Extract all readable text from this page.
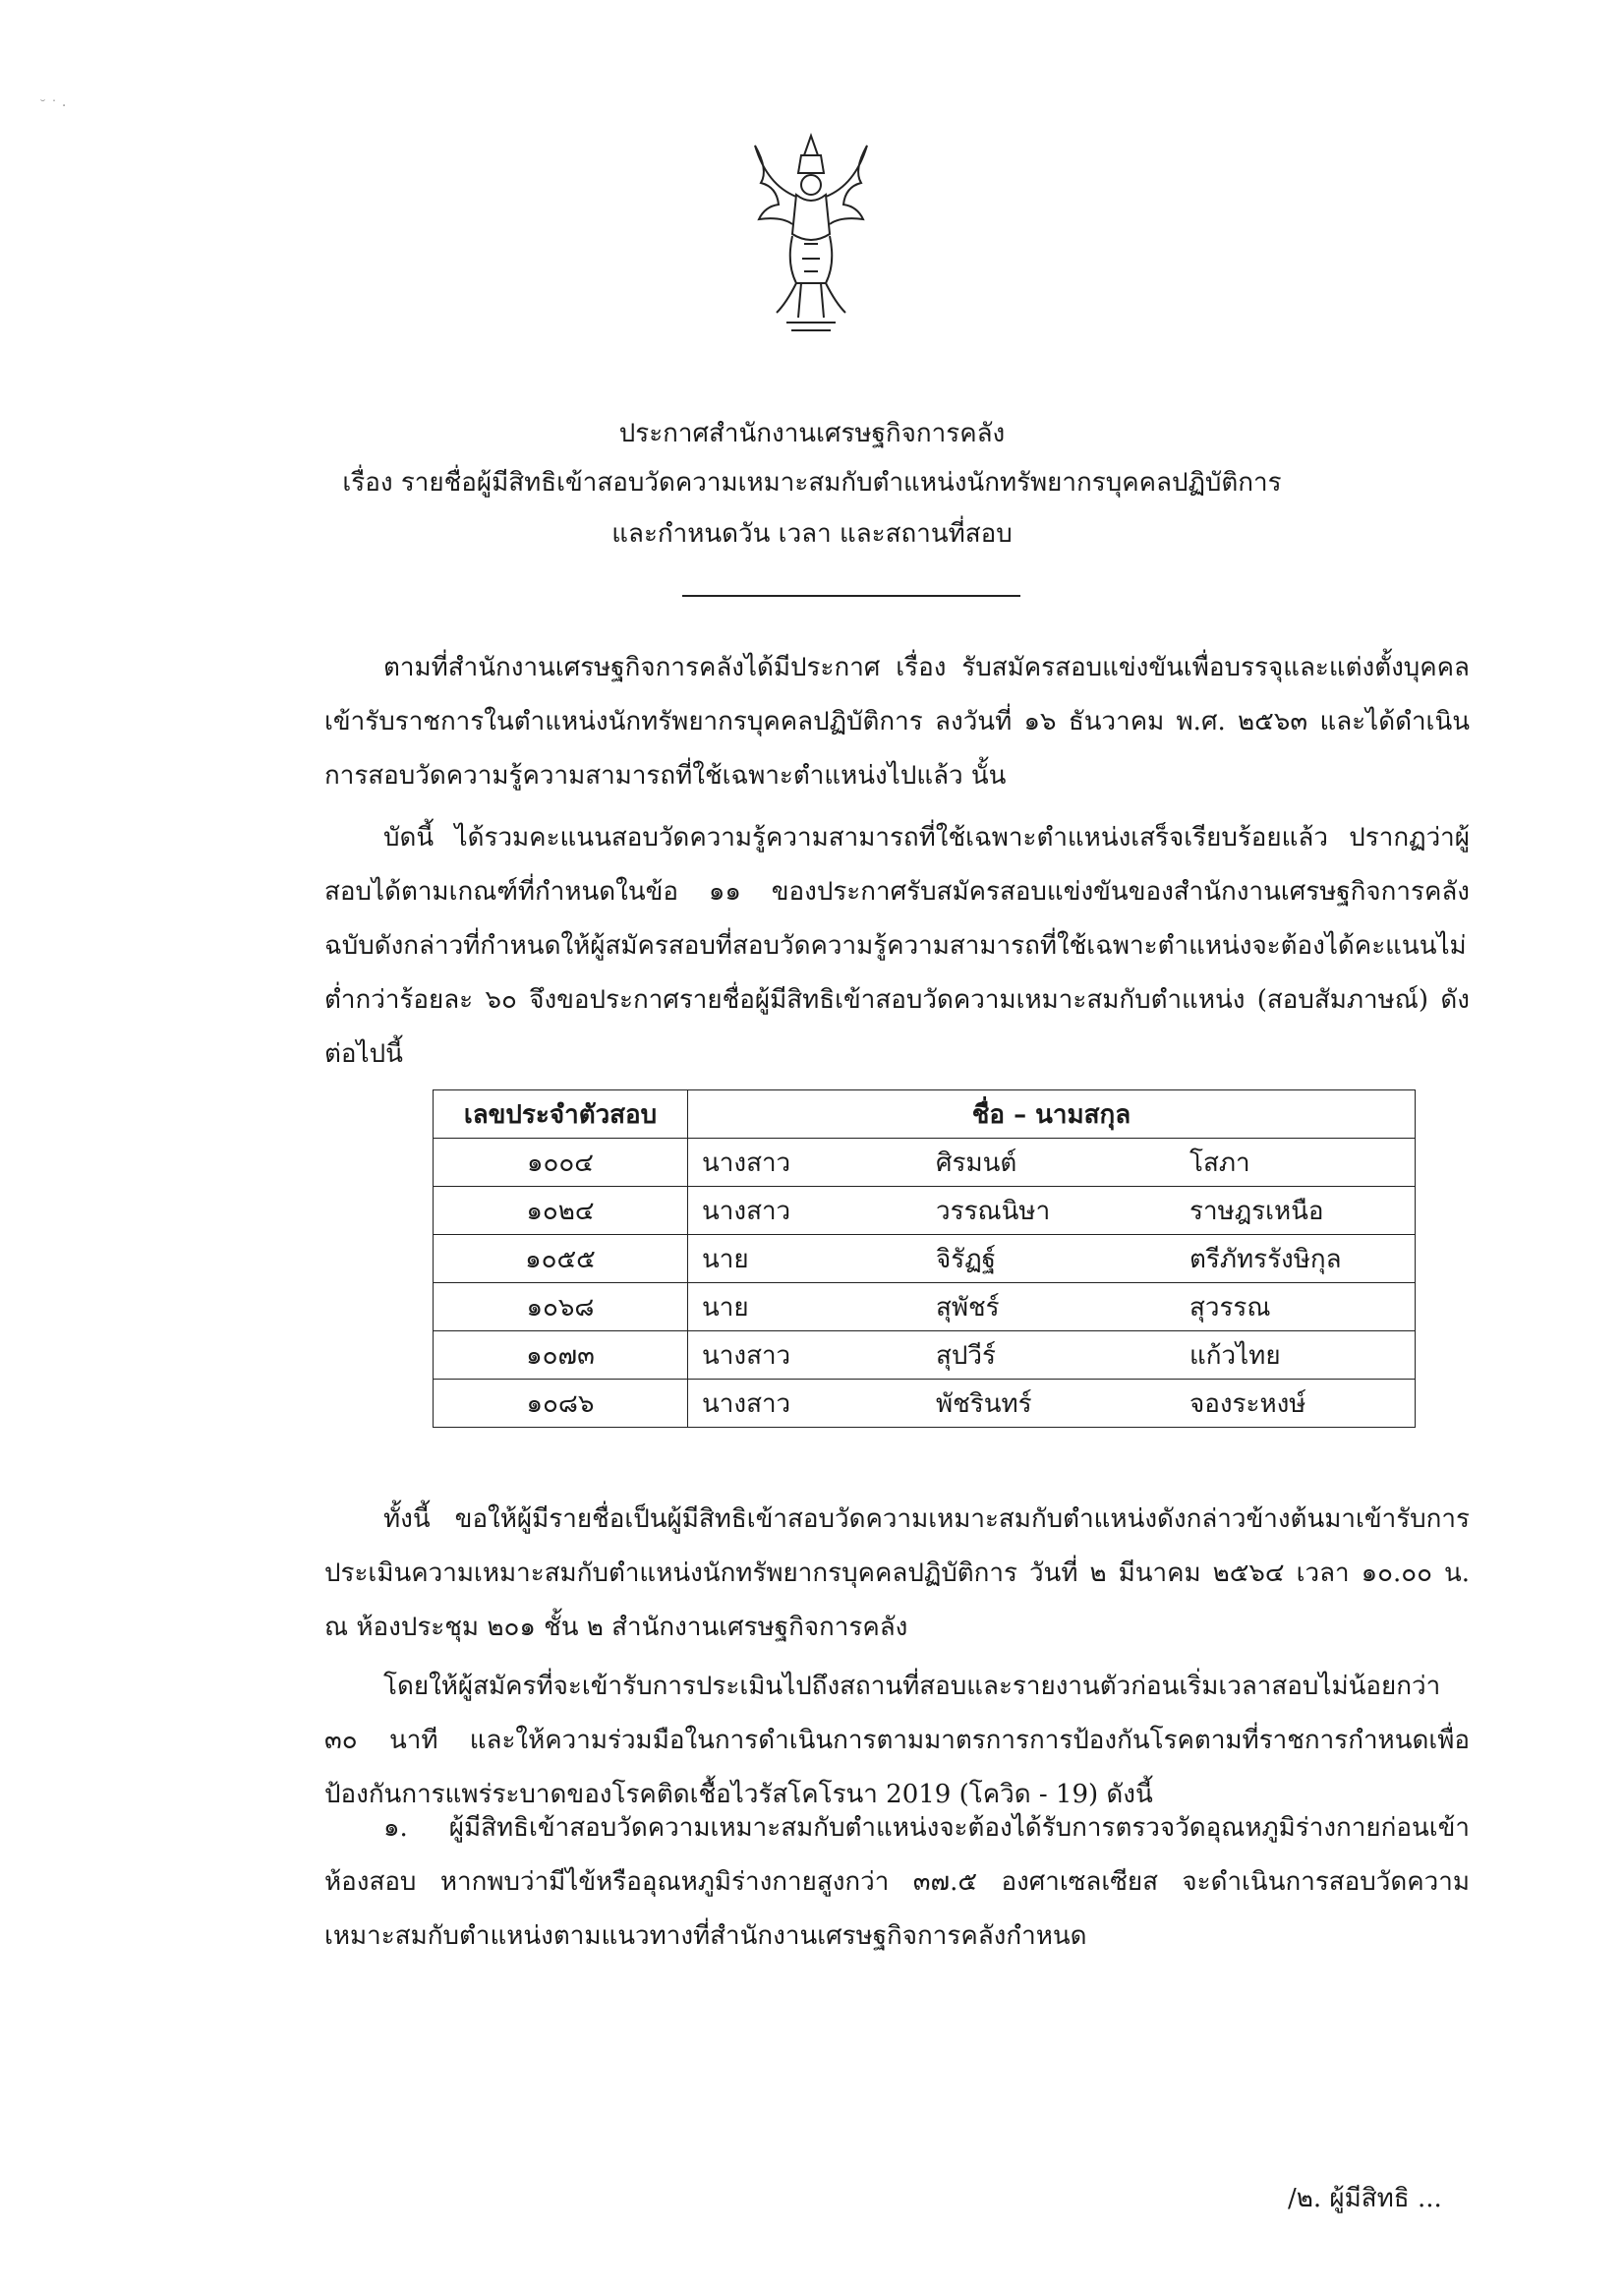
˘ ˙ ·
ประกาศสำนักงานเศรษฐกิจการคลัง
เรื่อง รายชื่อผู้มีสิทธิเข้าสอบวัดความเหมาะสมกับตำแหน่งนักทรัพยากรบุคคลปฏิบัติการ
และกำหนดวัน เวลา และสถานที่สอบ

ตามที่สำนักงานเศรษฐกิจการคลังได้มีประกาศ เรื่อง รับสมัครสอบแข่งขันเพื่อบรรจุและแต่งตั้งบุคคลเข้ารับราชการในตำแหน่งนักทรัพยากรบุคคลปฏิบัติการ ลงวันที่ ๑๖ ธันวาคม พ.ศ. ๒๕๖๓ และได้ดำเนินการสอบวัดความรู้ความสามารถที่ใช้เฉพาะตำแหน่งไปแล้ว นั้น

บัดนี้ ได้รวมคะแนนสอบวัดความรู้ความสามารถที่ใช้เฉพาะตำแหน่งเสร็จเรียบร้อยแล้ว ปรากฏว่าผู้สอบได้ตามเกณฑ์ที่กำหนดในข้อ ๑๑ ของประกาศรับสมัครสอบแข่งขันของสำนักงานเศรษฐกิจการคลัง ฉบับดังกล่าวที่กำหนดให้ผู้สมัครสอบที่สอบวัดความรู้ความสามารถที่ใช้เฉพาะตำแหน่งจะต้องได้คะแนนไม่ต่ำกว่าร้อยละ ๖๐ จึงขอประกาศรายชื่อผู้มีสิทธิเข้าสอบวัดความเหมาะสมกับตำแหน่ง (สอบสัมภาษณ์) ดังต่อไปนี้

เลขประจำตัวสอบ	ชื่อ – นามสกุล		
๑๐๐๔	นางสาว	ศิรมนต์	โสภา
๑๐๒๔	นางสาว	วรรณนิษา	ราษฎรเหนือ
๑๐๕๕	นาย	จิรัฏฐ์	ตรีภัทรรังษิกุล
๑๐๖๘	นาย	สุพัชร์	สุวรรณ
๑๐๗๓	นางสาว	สุปวีร์	แก้วไทย
๑๐๘๖	นางสาว	พัชรินทร์	จองระหงษ์

ทั้งนี้ ขอให้ผู้มีรายชื่อเป็นผู้มีสิทธิเข้าสอบวัดความเหมาะสมกับตำแหน่งดังกล่าวข้างต้นมาเข้ารับการประเมินความเหมาะสมกับตำแหน่งนักทรัพยากรบุคคลปฏิบัติการ วันที่ ๒ มีนาคม ๒๕๖๔ เวลา ๑๐.๐๐ น. ณ ห้องประชุม ๒๐๑ ชั้น ๒ สำนักงานเศรษฐกิจการคลัง

โดยให้ผู้สมัครที่จะเข้ารับการประเมินไปถึงสถานที่สอบและรายงานตัวก่อนเริ่มเวลาสอบไม่น้อยกว่า ๓๐ นาที และให้ความร่วมมือในการดำเนินการตามมาตรการการป้องกันโรคตามที่ราชการกำหนดเพื่อป้องกันการแพร่ระบาดของโรคติดเชื้อไวรัสโคโรนา 2019 (โควิด - 19) ดังนี้

๑. ผู้มีสิทธิเข้าสอบวัดความเหมาะสมกับตำแหน่งจะต้องได้รับการตรวจวัดอุณหภูมิร่างกายก่อนเข้าห้องสอบ หากพบว่ามีไข้หรืออุณหภูมิร่างกายสูงกว่า ๓๗.๕ องศาเซลเซียส จะดำเนินการสอบวัดความเหมาะสมกับตำแหน่งตามแนวทางที่สำนักงานเศรษฐกิจการคลังกำหนด

/๒. ผู้มีสิทธิ ...
